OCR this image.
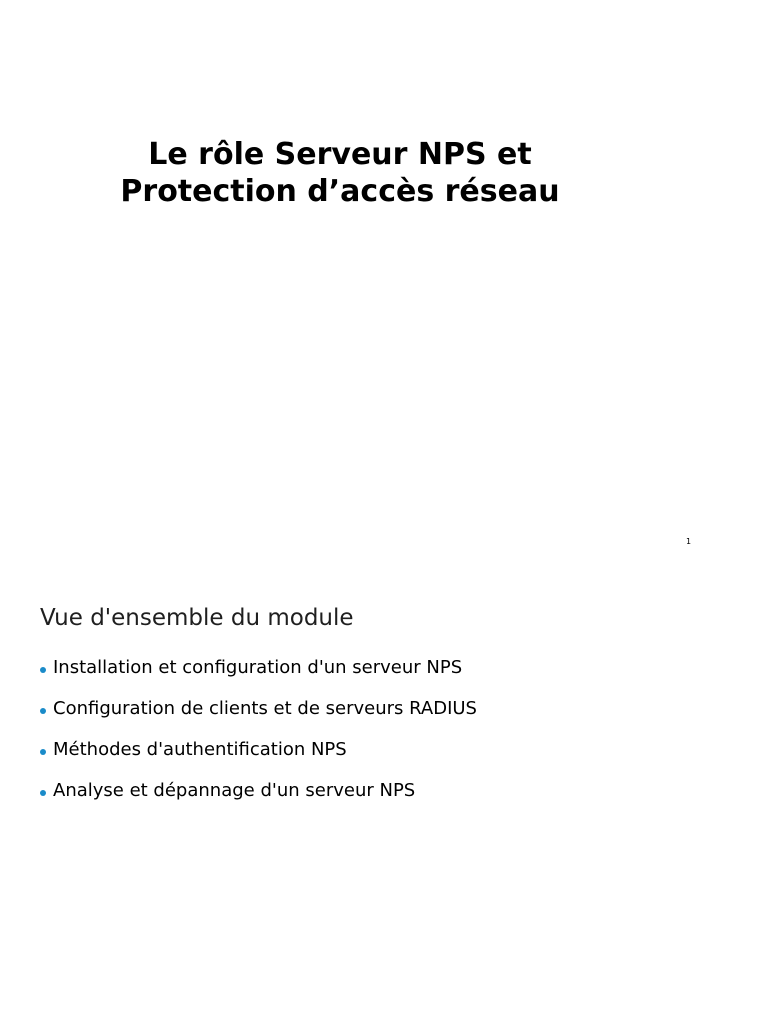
Le rôle Serveur NPS et
Protection d’accès réseau
1
Vue d'ensemble du module
Installation et configuration d'un serveur NPS
Configuration de clients et de serveurs RADIUS
Méthodes d'authentification NPS
Analyse et dépannage d'un serveur NPS
